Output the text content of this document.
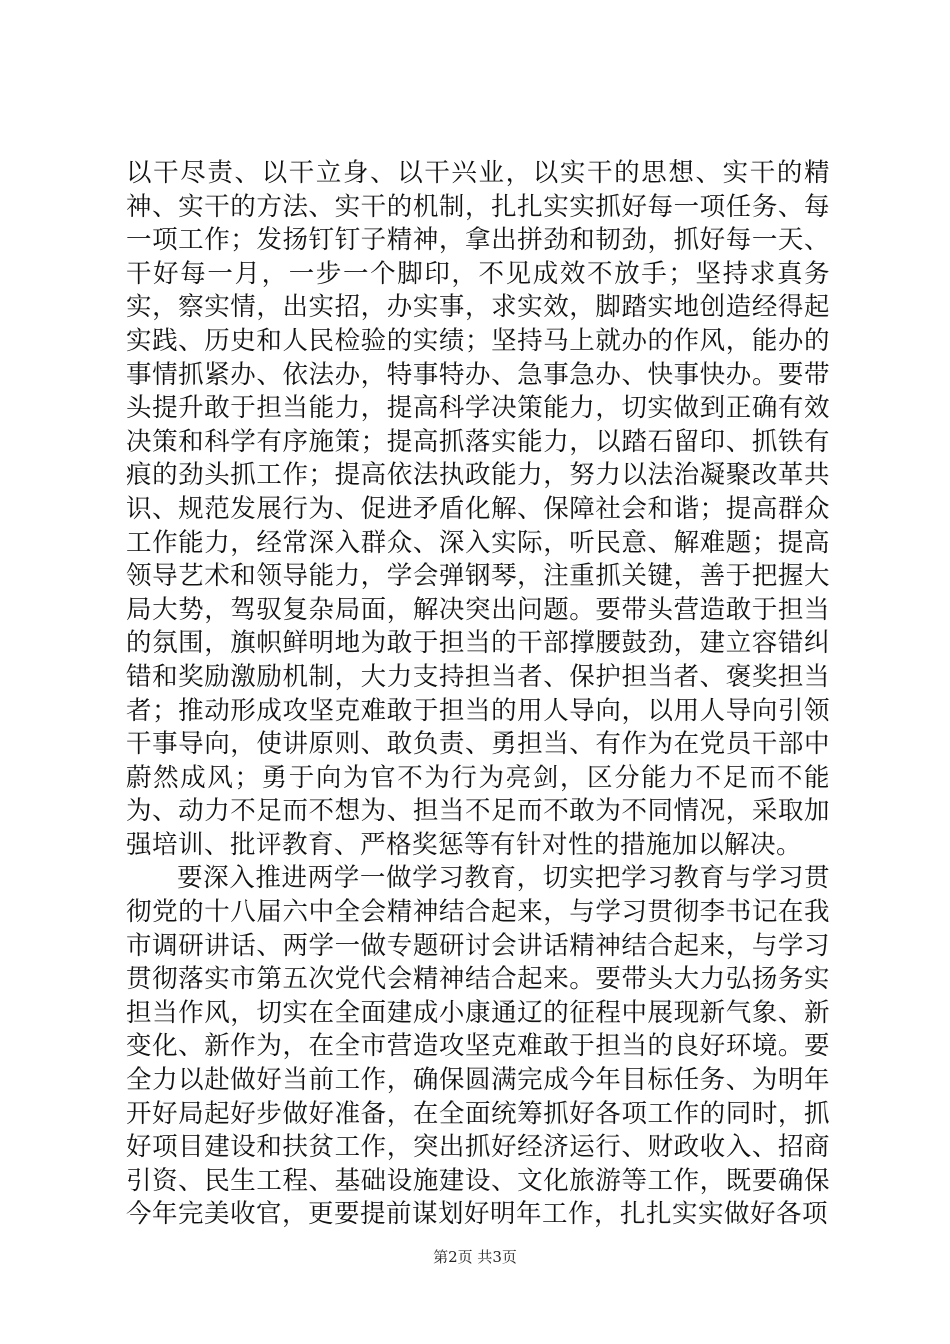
以干尽责、以干立身、以干兴业，以实干的思想、实干的精神、实干的方法、实干的机制，扎扎实实抓好每一项任务、每一项工作；发扬钉钉子精神，拿出拼劲和韧劲，抓好每一天、干好每一月，一步一个脚印，不见成效不放手；坚持求真务实，察实情，出实招，办实事，求实效，脚踏实地创造经得起实践、历史和人民检验的实绩；坚持马上就办的作风，能办的事情抓紧办、依法办，特事特办、急事急办、快事快办。要带头提升敢于担当能力，提高科学决策能力，切实做到正确有效决策和科学有序施策；提高抓落实能力，以踏石留印、抓铁有痕的劲头抓工作；提高依法执政能力，努力以法治凝聚改革共识、规范发展行为、促进矛盾化解、保障社会和谐；提高群众工作能力，经常深入群众、深入实际，听民意、解难题；提高领导艺术和领导能力，学会弹钢琴，注重抓关键，善于把握大局大势，驾驭复杂局面，解决突出问题。要带头营造敢于担当的氛围，旗帜鲜明地为敢于担当的干部撑腰鼓劲，建立容错纠错和奖励激励机制，大力支持担当者、保护担当者、褒奖担当者；推动形成攻坚克难敢于担当的用人导向，以用人导向引领干事导向，使讲原则、敢负责、勇担当、有作为在党员干部中蔚然成风；勇于向为官不为行为亮剑，区分能力不足而不能为、动力不足而不想为、担当不足而不敢为不同情况，采取加强培训、批评教育、严格奖惩等有针对性的措施加以解决。

要深入推进两学一做学习教育，切实把学习教育与学习贯彻党的十八届六中全会精神结合起来，与学习贯彻李书记在我市调研讲话、两学一做专题研讨会讲话精神结合起来，与学习贯彻落实市第五次党代会精神结合起来。要带头大力弘扬务实担当作风，切实在全面建成小康通辽的征程中展现新气象、新变化、新作为，在全市营造攻坚克难敢于担当的良好环境。要全力以赴做好当前工作，确保圆满完成今年目标任务、为明年开好局起好步做好准备，在全面统筹抓好各项工作的同时，抓好项目建设和扶贫工作，突出抓好经济运行、财政收入、招商引资、民生工程、基础设施建设、文化旅游等工作，既要确保今年完美收官，更要提前谋划好明年工作，扎扎实实做好各项

第2页 共3页
